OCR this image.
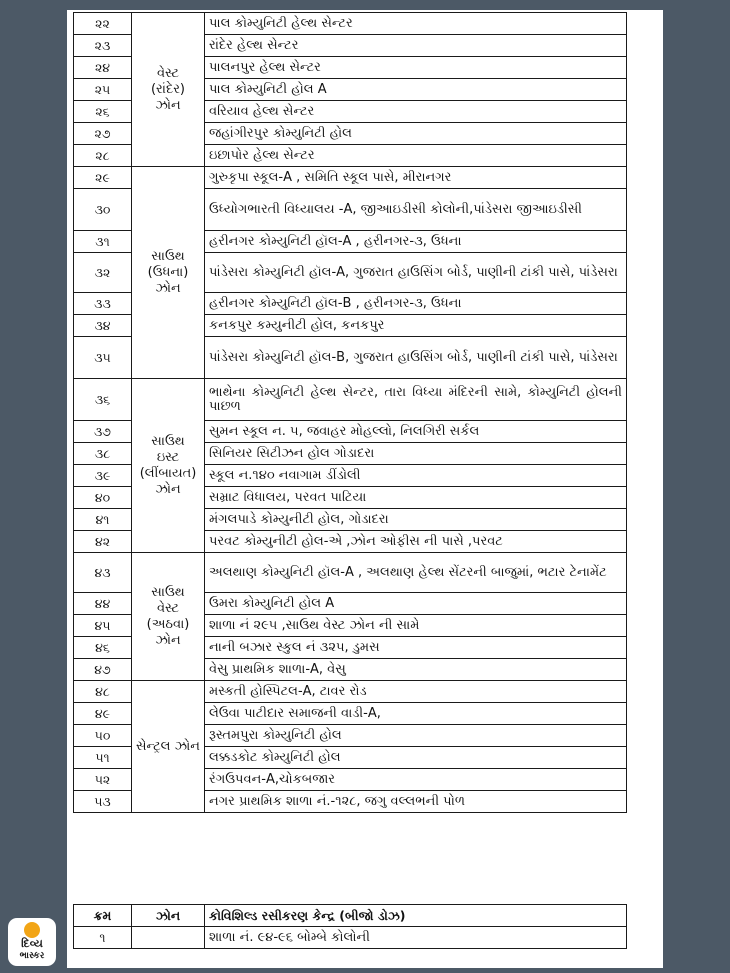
૨૨	વેસ્ટ
(રાંદેર)
ઝોન	પાલ કોમ્યુનિટી હેલ્થ સેન્ટર
૨૩		રાંદેર હેલ્થ સેન્ટર
૨૪		પાલનપુર હેલ્થ સેન્ટર
૨૫		પાલ કોમ્યુનિટી હોલ A
૨૬		વરિયાવ હેલ્થ સેન્ટર
૨૭		જહાંગીરપુર કોમ્યુનિટી હોલ
૨૮		ઇછાપોર હેલ્થ સેન્ટર
૨૯	સાઉથ
(ઉધના)
ઝોન	ગુરુકૃપા સ્કૂલ-A , સમિતિ સ્કૂલ પાસે, મીરાનગર
૩૦		ઉધ્યોગભારતી વિધ્યાલય -A, જીઆઇડીસી કોલોની,પાંડેસરા જીઆઇડીસી
૩૧		હરીનગર કોમ્યુનિટી હૉલ-A , હરીનગર-૩, ઉધના
૩૨		પાંડેસરા કોમ્યુનિટી હૉલ-A, ગુજરાત હાઉસિંગ બોર્ડ, પાણીની ટાંકી પાસે, પાંડેસરા
૩૩		હરીનગર કોમ્યુનિટી હૉલ-B , હરીનગર-૩, ઉધના
૩૪		કનકપુર કમ્યુનીટી હોલ, કનકપુર
૩૫		પાંડેસરા કોમ્યુનિટી હૉલ-B, ગુજરાત હાઉસિંગ બોર્ડ, પાણીની ટાંકી પાસે, પાંડેસરા
૩૬	સાઉથ
ઇસ્ટ
(લીંબાયત)
ઝોન	ભાથેના કોમ્યુનિટી હેલ્થ સેન્ટર, તારા વિધ્યા મંદિરની સામે, કોમ્યુનિટી હોલની પાછળ
૩૭		સુમન સ્કૂલ ન. ૫, જવાહર મોહલ્લો, નિલગિરી સર્કલ
૩૮		સિનિયર સિટીઝન હોલ ગોડાદરા
૩૯		સ્કૂલ ન.૧૪૦ નવાગામ ડીંડોલી
૪૦		સમ્રાટ વિધાલય, પરવત પાટિયા
૪૧		મંગલપાડે કોમ્યુનીટી હોલ, ગોડાદરા
૪૨		પરવટ કોમ્યુનીટી હોલ-એ ,ઝોન ઓફીસ ની પાસે ,પરવટ
૪૩	સાઉથ
વેસ્ટ
(અઠવા)
ઝોન	અલથાણ કોમ્યુનિટી હૉલ-A , અલથાણ હેલ્થ સેંટરની બાજુમાં, ભટાર ટેનામેંટ
૪૪		ઉમરા કોમ્યુનિટી હોલ A
૪૫		શાળા નં ૨૯૫ ,સાઉથ વેસ્ટ ઝોન ની સામે
૪૬		નાની બઝાર સ્કુલ નં ૩૨૫, ડુમસ
૪૭		વેસુ પ્રાથમિક શાળા-A, વેસુ
૪૮	સેન્ટ્રલ ઝોન	મસ્કતી હોસ્પિટલ-A, ટાવર રોડ
૪૯		લેઉવા પાટીદાર સમાજની વાડી-A,
૫૦		રૂસ્તમપુરા કોમ્યુનિટી હોલ
૫૧		લક્કડકોટ કોમ્યુનિટી હોલ
૫૨		રંગઉપવન-A,ચોકબજાર
૫૩		નગર પ્રાથમિક શાળા નં.-૧૨૮, જગુ વલ્લભની પોળ
ક્રમ	ઝોન	કોવિશિલ્ડ રસીકરણ કેન્દ્ર (બીજો ડોઝ)
૧		શાળા નં. ૯૪-૯૬ બોમ્બે કોલોની
દિવ્ય
ભાસ્કર
